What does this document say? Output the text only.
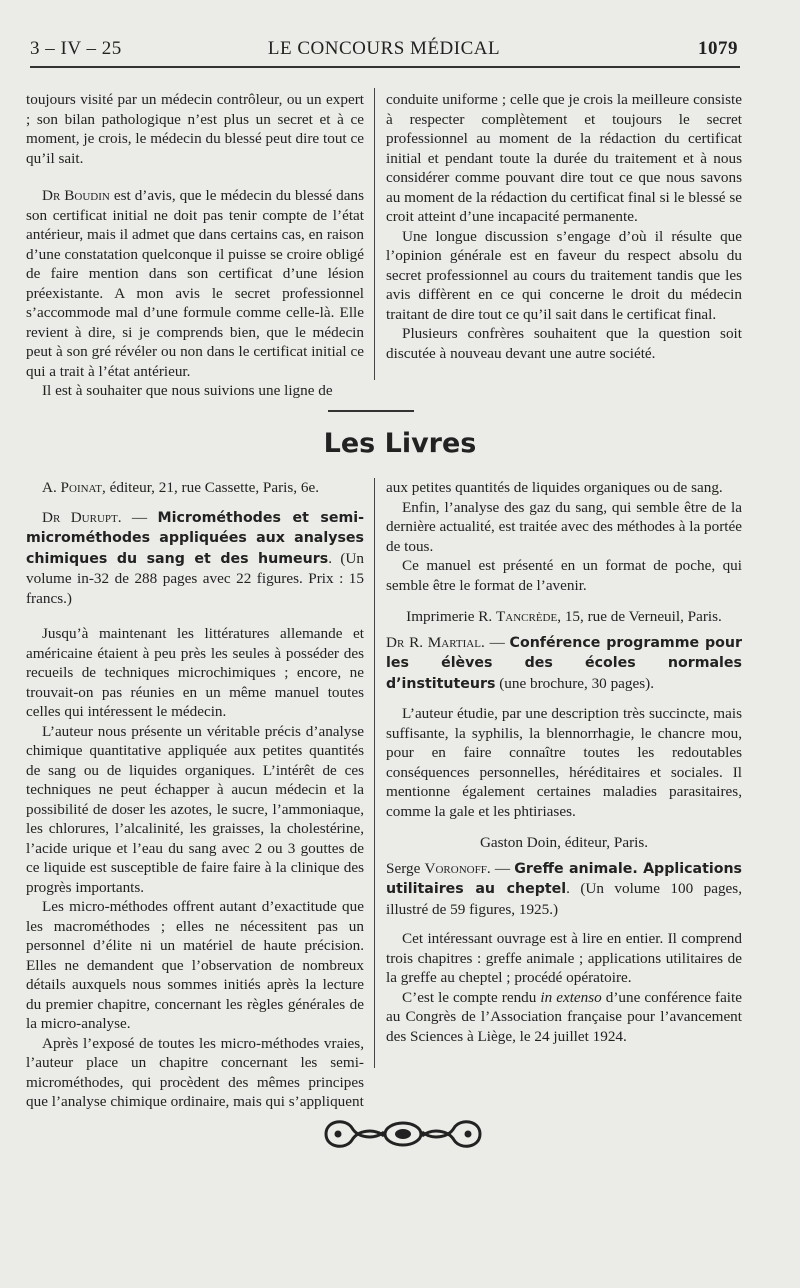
3 – IV – 25	LE CONCOURS MÉDICAL	1079

toujours visité par un médecin contrôleur, ou un expert ; son bilan pathologique n’est plus un secret et à ce moment, je crois, le médecin du blessé peut dire tout ce qu’il sait.

Dr Boudin est d’avis, que le médecin du blessé dans son certificat initial ne doit pas tenir compte de l’état antérieur, mais il admet que dans certains cas, en raison d’une constatation quelconque il puisse se croire obligé de faire mention dans son certificat d’une lésion préexistante. A mon avis le secret professionnel s’accommode mal d’une formule comme celle-là. Elle revient à dire, si je comprends bien, que le médecin peut à son gré révéler ou non dans le certificat initial ce qui a trait à l’état antérieur.

Il est à souhaiter que nous suivions une ligne de

conduite uniforme ; celle que je crois la meilleure consiste à respecter complètement et toujours le secret professionnel au moment de la rédaction du certificat initial et pendant toute la durée du traitement et à nous considérer comme pouvant dire tout ce que nous savons au moment de la rédaction du certificat final si le blessé se croit atteint d’une incapacité permanente.

Une longue discussion s’engage d’où il résulte que l’opinion générale est en faveur du respect absolu du secret professionnel au cours du traitement tandis que les avis diffèrent en ce qui concerne le droit du médecin traitant de dire tout ce qu’il sait dans le certificat final.

Plusieurs confrères souhaitent que la question soit discutée à nouveau devant une autre société.

Les Livres

A. Poinat, éditeur, 21, rue Cassette, Paris, 6e.

Dr Durupt. — Microméthodes et semi-microméthodes appliquées aux analyses chimiques du sang et des humeurs. (Un volume in-32 de 288 pages avec 22 figures. Prix : 15 francs.)

Jusqu’à maintenant les littératures allemande et américaine étaient à peu près les seules à posséder des recueils de techniques microchimiques ; encore, ne trouvait-on pas réunies en un même manuel toutes celles qui intéressent le médecin.

L’auteur nous présente un véritable précis d’analyse chimique quantitative appliquée aux petites quantités de sang ou de liquides organiques. L’intérêt de ces techniques ne peut échapper à aucun médecin et la possibilité de doser les azotes, le sucre, l’ammoniaque, les chlorures, l’alcalinité, les graisses, la cholestérine, l’acide urique et l’eau du sang avec 2 ou 3 gouttes de ce liquide est susceptible de faire faire à la clinique des progrès importants.

Les micro-méthodes offrent autant d’exactitude que les macrométhodes ; elles ne nécessitent pas un personnel d’élite ni un matériel de haute précision. Elles ne demandent que l’observation de nombreux détails auxquels nous sommes initiés après la lecture du premier chapitre, concernant les règles générales de la micro-analyse.

Après l’exposé de toutes les micro-méthodes vraies, l’auteur place un chapitre concernant les semi-microméthodes, qui procèdent des mêmes principes que l’analyse chimique ordinaire, mais qui s’appliquent

aux petites quantités de liquides organiques ou de sang.

Enfin, l’analyse des gaz du sang, qui semble être de la dernière actualité, est traitée avec des méthodes à la portée de tous.

Ce manuel est présenté en un format de poche, qui semble être le format de l’avenir.

Imprimerie R. Tancrède, 15, rue de Verneuil, Paris.

Dr R. Martial. — Conférence programme pour les élèves des écoles normales d’instituteurs (une brochure, 30 pages).

L’auteur étudie, par une description très succincte, mais suffisante, la syphilis, la blennorrhagie, le chancre mou, pour en faire connaître toutes les redoutables conséquences personnelles, héréditaires et sociales. Il mentionne également certaines maladies parasitaires, comme la gale et les phtiriases.

Gaston Doin, éditeur, Paris.

Serge Voronoff. — Greffe animale. Applications utilitaires au cheptel. (Un volume 100 pages, illustré de 59 figures, 1925.)

Cet intéressant ouvrage est à lire en entier. Il comprend trois chapitres : greffe animale ; applications utilitaires de la greffe au cheptel ; procédé opératoire.

C’est le compte rendu in extenso d’une conférence faite au Congrès de l’Association française pour l’avancement des Sciences à Liège, le 24 juillet 1924.
